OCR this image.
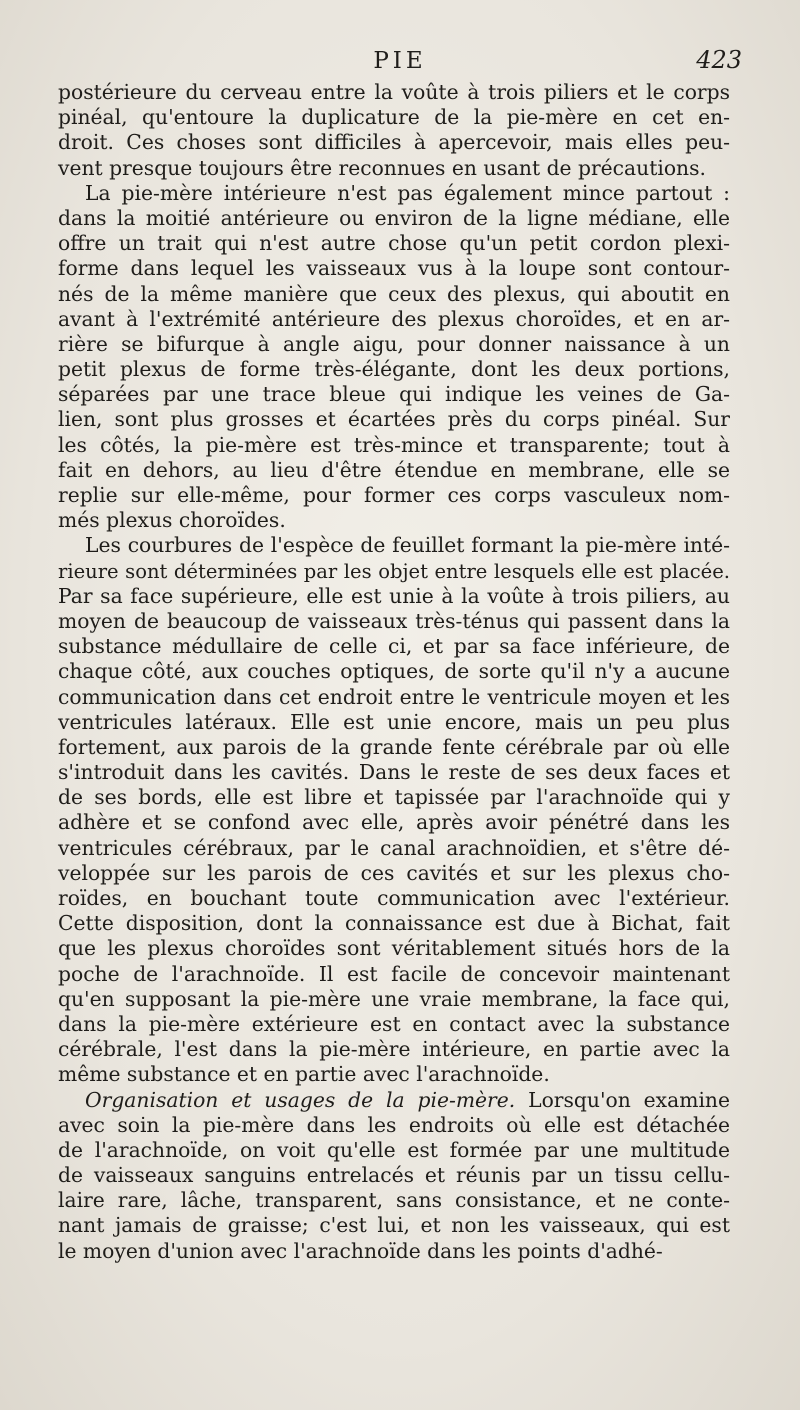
PIE	423
postérieure du cerveau entre la voûte à trois piliers et le corps
pinéal, qu'entoure la duplicature de la pie-mère en cet en-
droit. Ces choses sont difficiles à apercevoir, mais elles peu-
vent presque toujours être reconnues en usant de précautions.
La pie-mère intérieure n'est pas également mince partout :
dans la moitié antérieure ou environ de la ligne médiane, elle
offre un trait qui n'est autre chose qu'un petit cordon plexi-
forme dans lequel les vaisseaux vus à la loupe sont contour-
nés de la même manière que ceux des plexus, qui aboutit en
avant à l'extrémité antérieure des plexus choroïdes, et en ar-
rière se bifurque à angle aigu, pour donner naissance à un
petit plexus de forme très-élégante, dont les deux portions,
séparées par une trace bleue qui indique les veines de Ga-
lien, sont plus grosses et écartées près du corps pinéal. Sur
les côtés, la pie-mère est très-mince et transparente; tout à
fait en dehors, au lieu d'être étendue en membrane, elle se
replie sur elle-même, pour former ces corps vasculeux nom-
més plexus choroïdes.
Les courbures de l'espèce de feuillet formant la pie-mère inté-
rieure sont déterminées par les objet entre lesquels elle est placée.
Par sa face supérieure, elle est unie à la voûte à trois piliers, au
moyen de beaucoup de vaisseaux très-ténus qui passent dans la
substance médullaire de celle ci, et par sa face inférieure, de
chaque côté, aux couches optiques, de sorte qu'il n'y a aucune
communication dans cet endroit entre le ventricule moyen et les
ventricules latéraux. Elle est unie encore, mais un peu plus
fortement, aux parois de la grande fente cérébrale par où elle
s'introduit dans les cavités. Dans le reste de ses deux faces et
de ses bords, elle est libre et tapissée par l'arachnoïde qui y
adhère et se confond avec elle, après avoir pénétré dans les
ventricules cérébraux, par le canal arachnoïdien, et s'être dé-
veloppée sur les parois de ces cavités et sur les plexus cho-
roïdes, en bouchant toute communication avec l'extérieur.
Cette disposition, dont la connaissance est due à Bichat, fait
que les plexus choroïdes sont véritablement situés hors de la
poche de l'arachnoïde. Il est facile de concevoir maintenant
qu'en supposant la pie-mère une vraie membrane, la face qui,
dans la pie-mère extérieure est en contact avec la substance
cérébrale, l'est dans la pie-mère intérieure, en partie avec la
même substance et en partie avec l'arachnoïde.
Organisation et usages de la pie-mère. Lorsqu'on examine
avec soin la pie-mère dans les endroits où elle est détachée
de l'arachnoïde, on voit qu'elle est formée par une multitude
de vaisseaux sanguins entrelacés et réunis par un tissu cellu-
laire rare, lâche, transparent, sans consistance, et ne conte-
nant jamais de graisse; c'est lui, et non les vaisseaux, qui est
le moyen d'union avec l'arachnoïde dans les points d'adhé-
